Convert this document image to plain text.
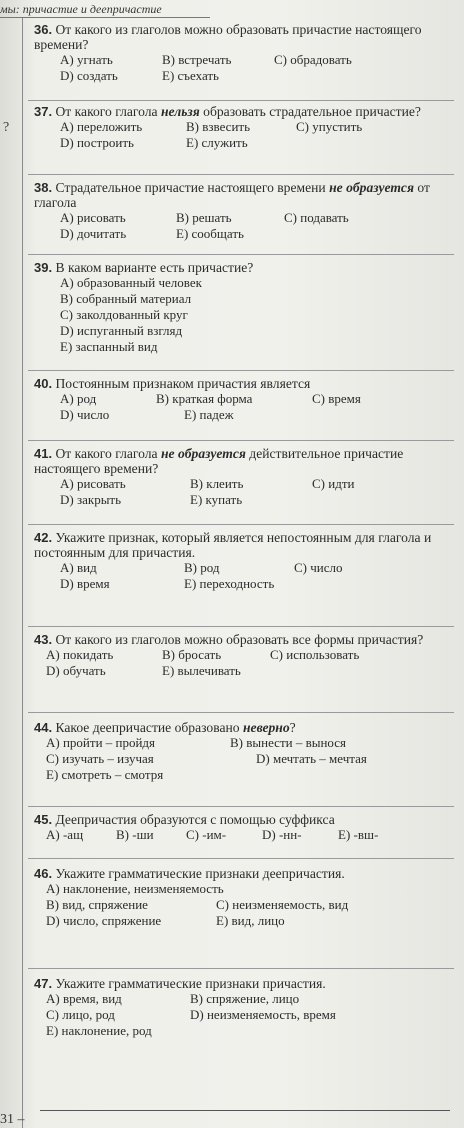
мы: причастие и деепричастие
?
36. От какого из глаголов можно образовать причастие настоящего времени?
А) угнать	В) встречать	С) обрадовать
D) создать	Е) съехать
37. От какого глагола нельзя образовать страдательное причастие?
А) переложить	В) взвесить	С) упустить
D) построить	Е) служить
38. Страдательное причастие настоящего времени не образуется от глагола
А) рисовать	В) решать	С) подавать
D) дочитать	Е) сообщать
39. В каком варианте есть причастие?
А) образованный человек
В) собранный материал
С) заколдованный круг
D) испуганный взгляд
Е) заспанный вид
40. Постоянным признаком причастия является
А) род	В) краткая форма	С) время
D) число	Е) падеж
41. От какого глагола не образуется действительное причастие настоящего времени?
А) рисовать	В) клеить	С) идти
D) закрыть	Е) купать
42. Укажите признак, который является непостоянным для глагола и постоянным для причастия.
А) вид	В) род	С) число
D) время	Е) переходность
43. От какого из глаголов можно образовать все формы причастия?
А) покидать	В) бросать	С) использовать
D) обучать	Е) вылечивать
44. Какое деепричастие образовано неверно?
А) пройти – пройдя	В) вынести – вынося
С) изучать – изучая	D) мечтать – мечтая
Е) смотреть – смотря
45. Деепричастия образуются с помощью суффикса
А) -ащ	В) -ши С) -им-	D) -нн-	Е) -вш-
46. Укажите грамматические признаки деепричастия.
А) наклонение, неизменяемость
В) вид, спряжение	С) неизменяемость, вид
D) число, спряжение	Е) вид, лицо
47. Укажите грамматические признаки причастия.
А) время, вид	В) спряжение, лицо
С) лицо, род	D) неизменяемость, время
Е) наклонение, род
31 –
